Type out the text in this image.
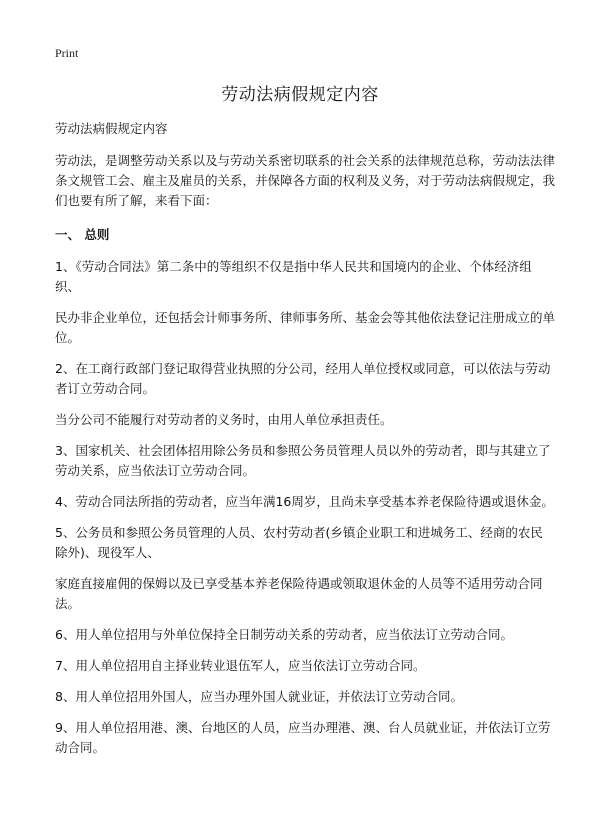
Print
劳动法病假规定内容

劳动法病假规定内容

劳动法，是调整劳动关系以及与劳动关系密切联系的社会关系的法律规范总称，劳动法法律条文规管工会、雇主及雇员的关系，并保障各方面的权利及义务，对于劳动法病假规定，我们也要有所了解，来看下面：

一、 总则

1、《劳动合同法》第二条中的等组织不仅是指中华人民共和国境内的企业、个体经济组织、

民办非企业单位，还包括会计师事务所、律师事务所、基金会等其他依法登记注册成立的单位。

2、在工商行政部门登记取得营业执照的分公司，经用人单位授权或同意，可以依法与劳动者订立劳动合同。

当分公司不能履行对劳动者的义务时，由用人单位承担责任。

3、国家机关、社会团体招用除公务员和参照公务员管理人员以外的劳动者，即与其建立了劳动关系，应当依法订立劳动合同。

4、劳动合同法所指的劳动者，应当年满16周岁，且尚未享受基本养老保险待遇或退休金。

5、公务员和参照公务员管理的人员、农村劳动者(乡镇企业职工和进城务工、经商的农民除外)、现役军人、

家庭直接雇佣的保姆以及已享受基本养老保险待遇或领取退休金的人员等不适用劳动合同法。

6、用人单位招用与外单位保持全日制劳动关系的劳动者，应当依法订立劳动合同。

7、用人单位招用自主择业转业退伍军人，应当依法订立劳动合同。

8、用人单位招用外国人，应当办理外国人就业证，并依法订立劳动合同。

9、用人单位招用港、澳、台地区的人员，应当办理港、澳、台人员就业证，并依法订立劳动合同。
